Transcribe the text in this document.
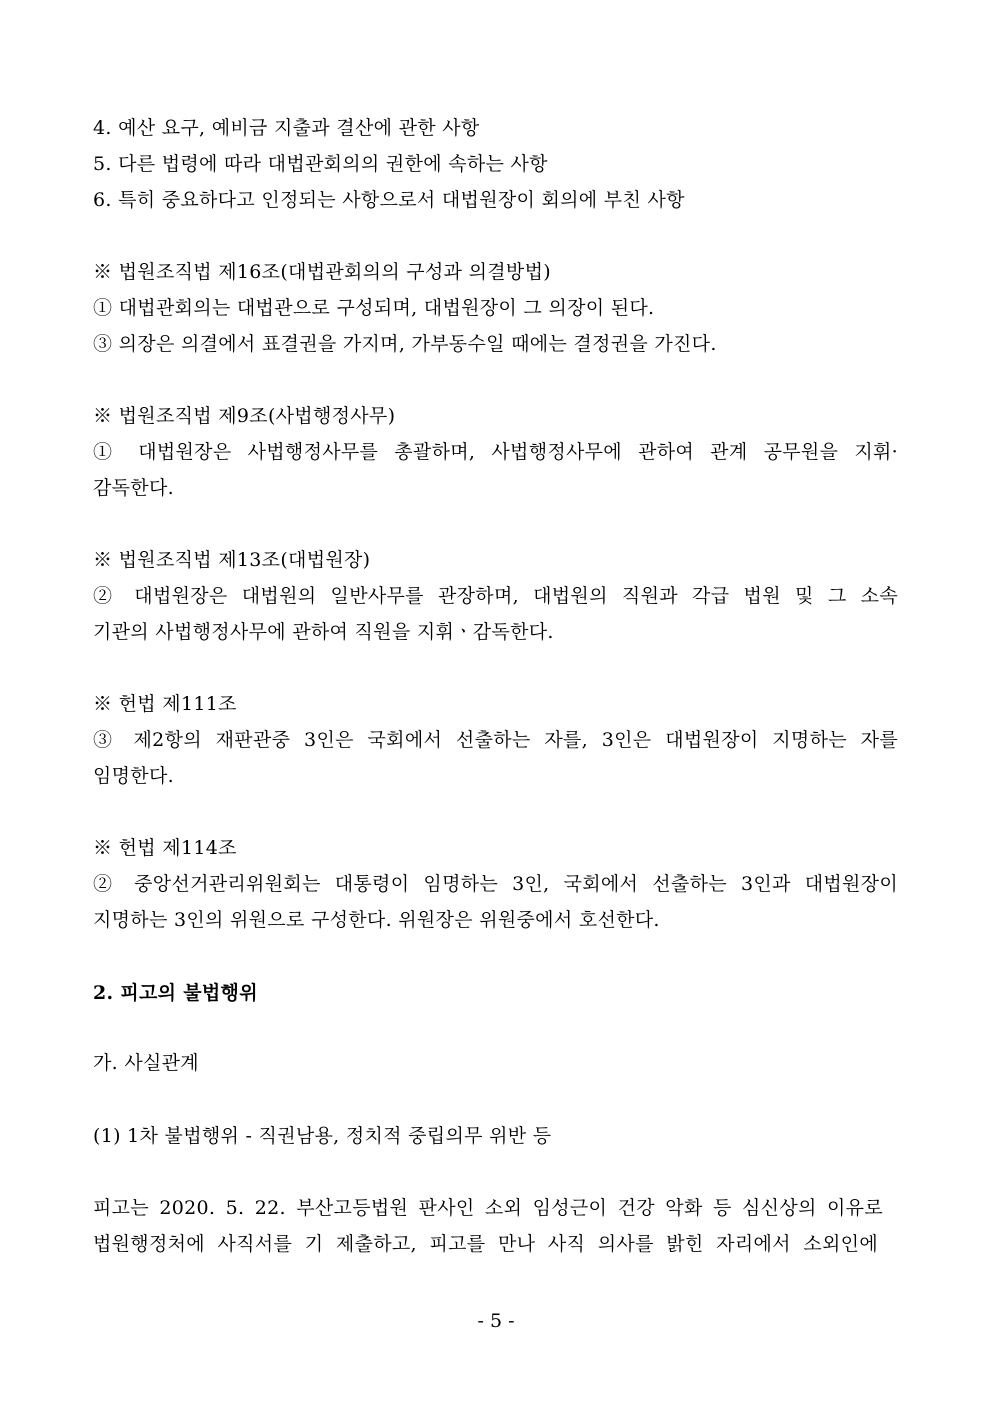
4. 예산 요구, 예비금 지출과 결산에 관한 사항
5. 다른 법령에 따라 대법관회의의 권한에 속하는 사항
6. 특히 중요하다고 인정되는 사항으로서 대법원장이 회의에 부친 사항
※ 법원조직법 제16조(대법관회의의 구성과 의결방법)
① 대법관회의는 대법관으로 구성되며, 대법원장이 그 의장이 된다.
③ 의장은 의결에서 표결권을 가지며, 가부동수일 때에는 결정권을 가진다.
※ 법원조직법 제9조(사법행정사무)
① 대법원장은 사법행정사무를 총괄하며, 사법행정사무에 관하여 관계 공무원을 지휘·
감독한다.
※ 법원조직법 제13조(대법원장)
② 대법원장은 대법원의 일반사무를 관장하며, 대법원의 직원과 각급 법원 및 그 소속
기관의 사법행정사무에 관하여 직원을 지휘ㆍ감독한다.
※ 헌법 제111조
③ 제2항의 재판관중 3인은 국회에서 선출하는 자를, 3인은 대법원장이 지명하는 자를
임명한다.
※ 헌법 제114조
② 중앙선거관리위원회는 대통령이 임명하는 3인, 국회에서 선출하는 3인과 대법원장이
지명하는 3인의 위원으로 구성한다. 위원장은 위원중에서 호선한다.
2. 피고의 불법행위
가. 사실관계
(1) 1차 불법행위 - 직권남용, 정치적 중립의무 위반 등
피고는 2020. 5. 22. 부산고등법원 판사인 소외 임성근이 건강 악화 등 심신상의 이유로
법원행정처에 사직서를 기 제출하고, 피고를 만나 사직 의사를 밝힌 자리에서 소외인에
- 5 -
